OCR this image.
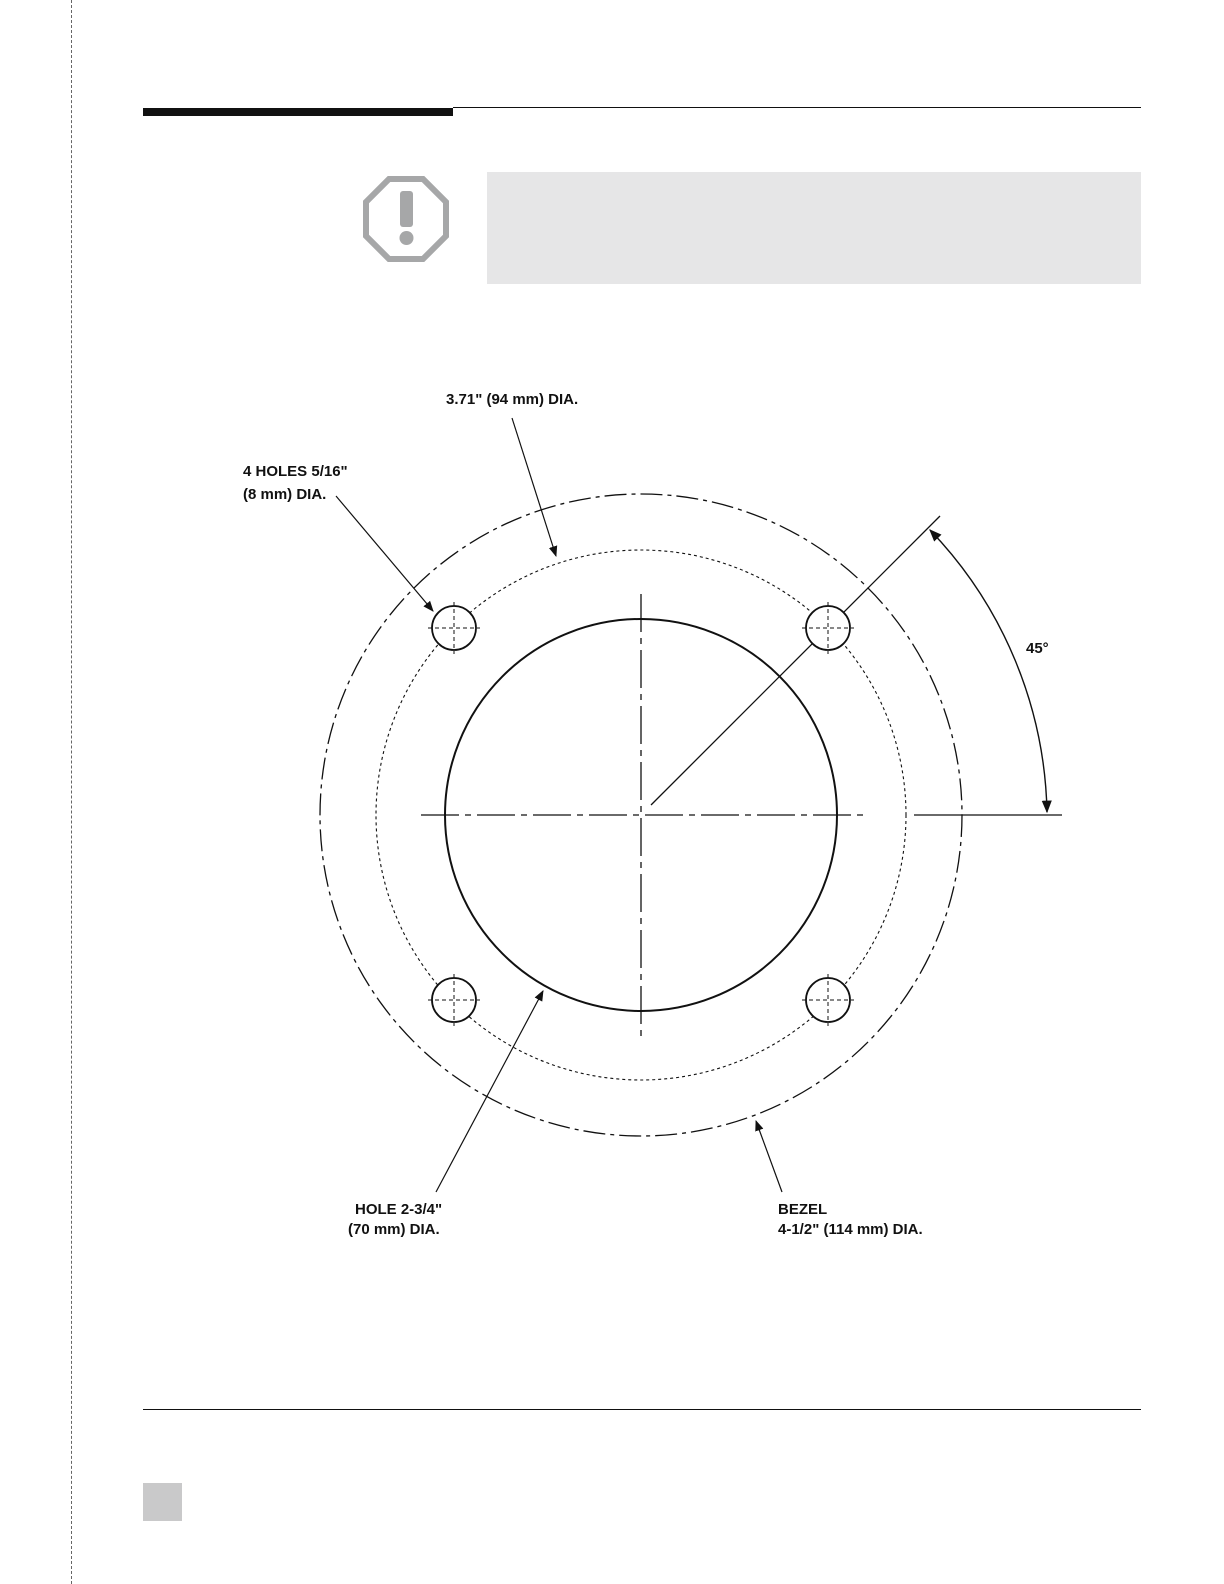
3.71" (94 mm) DIA.
4 HOLES 5/16"
(8 mm) DIA.
45°
HOLE 2-3/4"
(70 mm) DIA.
BEZEL
4-1/2" (114 mm) DIA.
